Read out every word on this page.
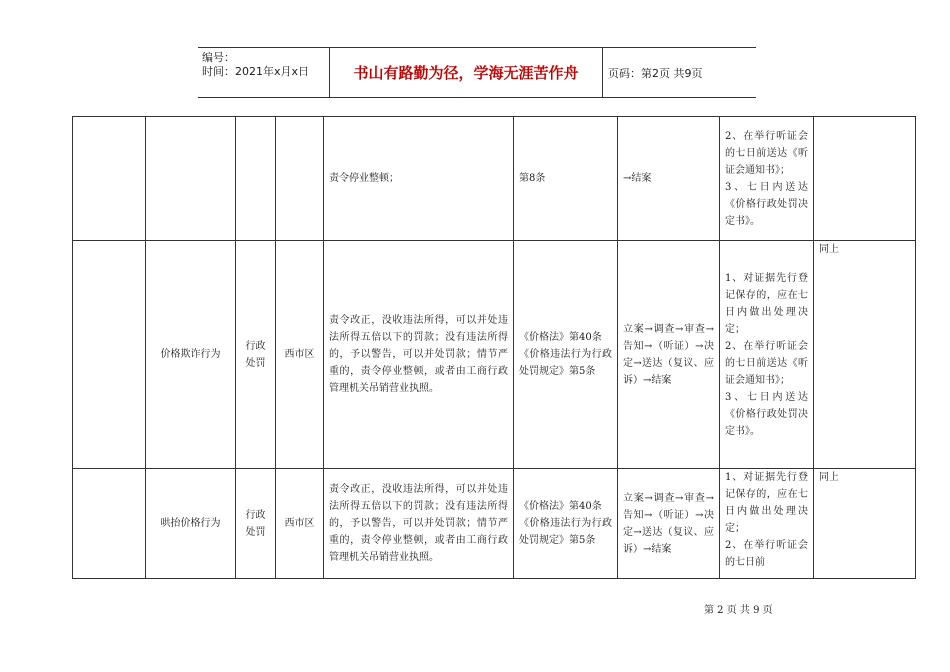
编号：
时间：2021年x月x日	书山有路勤为径，学海无涯苦作舟	页码：第2页 共9页
				责令停业整顿；	第8条	→结案	2、在举行听证会的七日前送达《听证会通知书》；
3、七日内送达《价格行政处罚决定书》。	
	价格欺诈行为	行政处罚	西市区	责令改正，没收违法所得，可以并处违法所得五倍以下的罚款；没有违法所得的，予以警告，可以并处罚款；情节严重的，责令停业整顿，或者由工商行政管理机关吊销营业执照。	《价格法》第40条
《价格违法行为行政处罚规定》第5条	立案→调查→审查→告知→（听证）→决定→送达（复议、应诉）→结案	1、对证据先行登记保存的，应在七日内做出处理决定；
2、在举行听证会的七日前送达《听证会通知书》；
3、七日内送达《价格行政处罚决定书》。	同上
	哄抬价格行为	行政处罚	西市区	责令改正，没收违法所得，可以并处违法所得五倍以下的罚款；没有违法所得的，予以警告，可以并处罚款；情节严重的，责令停业整顿，或者由工商行政管理机关吊销营业执照。	《价格法》第40条
《价格违法行为行政处罚规定》第5条	立案→调查→审查→告知→（听证）→决定→送达（复议、应诉）→结案	1、对证据先行登记保存的，应在七日内做出处理决定；
2、在举行听证会的七日前	同上
第 2 页 共 9 页
